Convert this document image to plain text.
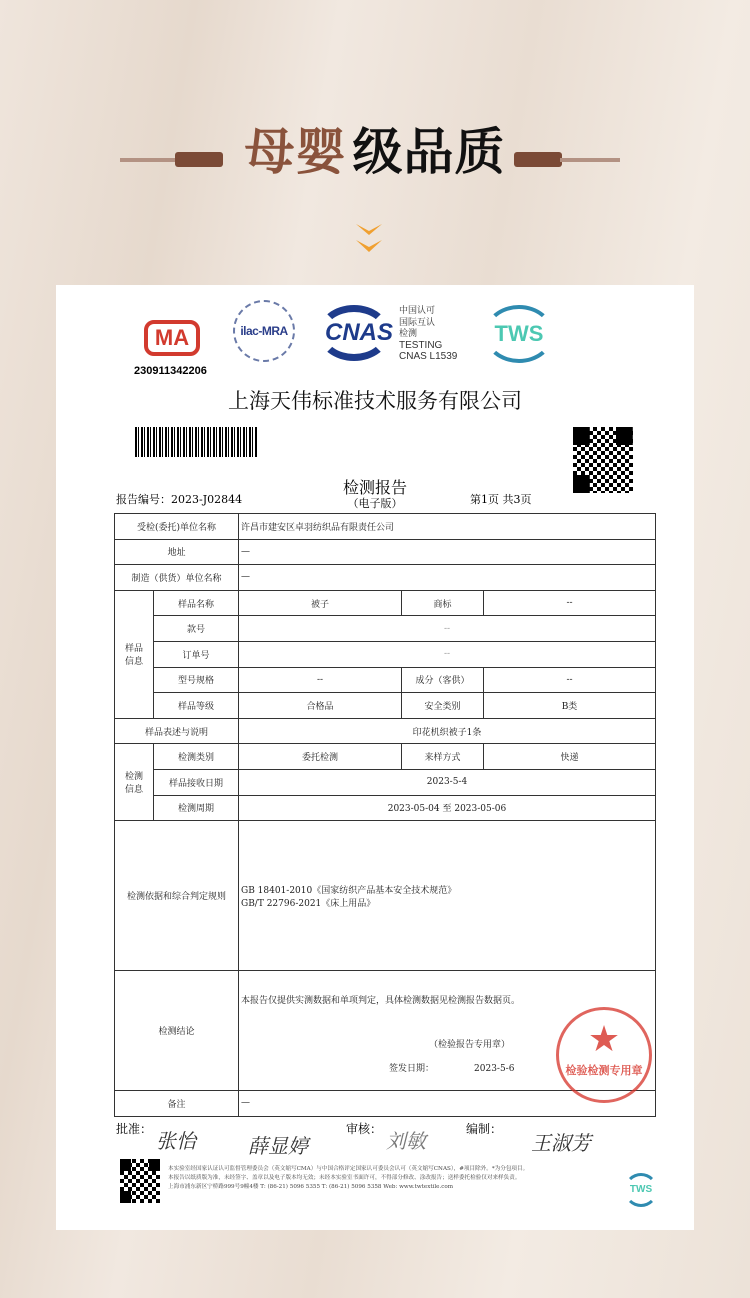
母婴 级品质
MA
230911342206
ilac-MRA	CNAS
中国认可
国际互认
检测
TESTING
CNAS L1539
TWS
上海天伟标准技术服务有限公司
检测报告
（电子版）
报告编号：2023-J02844	第1页 共3页
受检(委托)单位名称		许昌市建安区卓羽纺织品有限责任公司		
地址		—		
制造（供货）单位名称		—		
样品信息	样品名称	被子	商标	--
	款号	--		
	订单号	--		
	型号规格	--	成分（客供）	--
	样品等级	合格品	安全类别	B类
样品表述与说明		印花机织被子1条		
检测信息	检测类别	委托检测	来样方式	快递
	样品接收日期	2023-5-4		
	检测周期	2023-05-04 至 2023-05-06		
检测依据和综合判定规则		GB 18401-2010《国家纺织产品基本安全技术规范》
GB/T 22796-2021《床上用品》		

检测结论		本报告仅提供实测数据和单项判定，具体检测数据见检测报告数据页。
（检验报告专用章）
签发日期： 2023-5-6		

备注		—		
★
检验检测专用章
批准： 张怡	薛显婷
审核： 刘敏	编制：
王淑芳
本实验室经国家认证认可监督管理委员会（英文缩写CMA）与中国合格评定国家认可委员会认可（英文缩写CNAS），#项目除外。*为分包项目。
本报告以纸质版为准，未经签字、盖章以及电子版本均无效；未经本实验室书面许可，不得部分修改、涂改报告；送样委托检验仅对来样负责。
上海市浦东新区宁桥路999号9幢4楼 T: (86-21) 5096 5355 T: (86-21) 5096 5358 Web: www.twtextile.com	TWS
